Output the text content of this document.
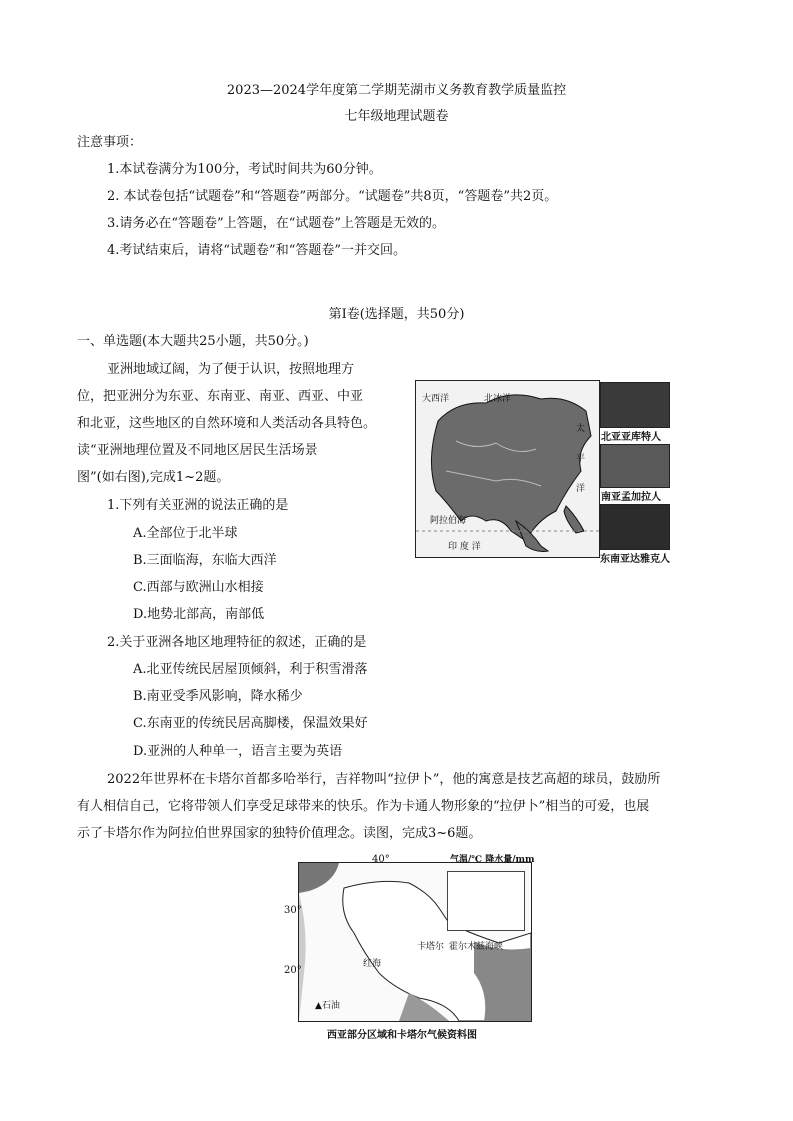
2023—2024学年度第二学期芜湖市义务教育教学质量监控
七年级地理试题卷
注意事项：
1.本试卷满分为100分，考试时间共为60分钟。
2. 本试卷包括“试题卷”和“答题卷”两部分。“试题卷”共8页，“答题卷”共2页。
3.请务必在“答题卷”上答题，在“试题卷”上答题是无效的。
4.考试结束后，请将“试题卷”和“答题卷”一并交回。
第Ⅰ卷(选择题，共50分)
一、单选题(本大题共25小题，共50分。)
亚洲地域辽阔，为了便于认识，按照地理方
位，把亚洲分为东亚、东南亚、南亚、西亚、中亚
和北亚，这些地区的自然环境和人类活动各具特色。
读“亚洲地理位置及不同地区居民生活场景
图”(如右图),完成1~2题。
1.下列有关亚洲的说法正确的是
A.全部位于北半球
B.三面临海，东临大西洋
C.西部与欧洲山水相接
D.地势北部高，南部低
2.关于亚洲各地区地理特征的叙述，正确的是
A.北亚传统民居屋顶倾斜，利于积雪滑落
B.南亚受季风影响，降水稀少
C.东南亚的传统民居高脚楼，保温效果好
D.亚洲的人种单一，语言主要为英语
大西洋	北冰洋
太
平
洋
阿拉伯海
印 度 洋
北亚亚库特人
南亚孟加拉人
东南亚达雅克人
2022年世界杯在卡塔尔首都多哈举行，吉祥物叫“拉伊卜”，他的寓意是技艺高超的球员，鼓励所
有人相信自己，它将带领人们享受足球带来的快乐。作为卡通人物形象的“拉伊卜”相当的可爱，也展
示了卡塔尔作为阿拉伯世界国家的独特价值理念。读图，完成3~6题。
▲石油
卡塔尔 霍尔木兹海峡
红海
40°
30°
20°
气温/℃ 降水量/mm
西亚部分区域和卡塔尔气候资料图
